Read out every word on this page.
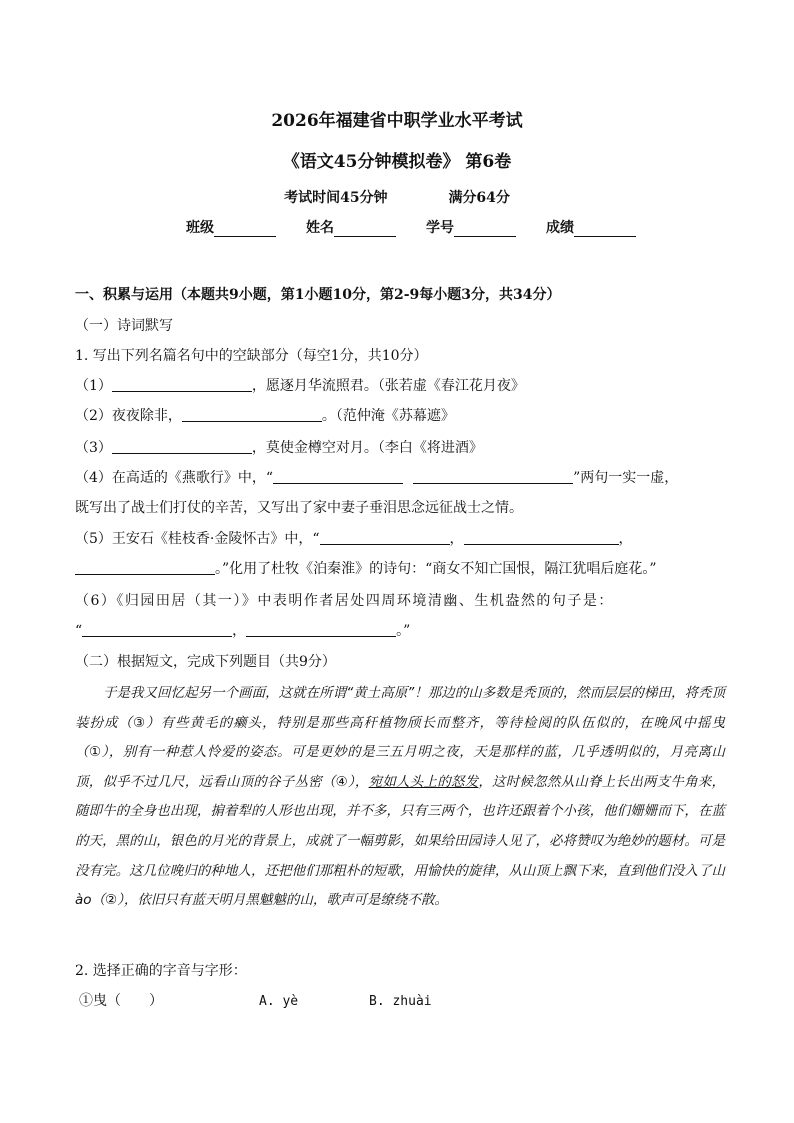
2026年福建省中职学业水平考试
《语文45分钟模拟卷》 第6卷
考试时间45分钟	满分64分
班级	姓名	学号	成绩
一、积累与运用（本题共9小题，第1小题10分，第2-9每小题3分，共34分）
（一）诗词默写
1. 写出下列名篇名句中的空缺部分（每空1分，共10分）
（1）	，愿逐月华流照君。（张若虚《春江花月夜》
（2）夜夜除非，	。（范仲淹《苏幕遮》
（3）	，莫使金樽空对月。（李白《将进酒》
（4）在高适的《燕歌行》中，“	”两句一实一虚，
既写出了战士们打仗的辛苦，又写出了家中妻子垂泪思念远征战士之情。
（5）王安石《桂枝香·金陵怀古》中，“	，	，
。”化用了杜牧《泊秦淮》的诗句：“商女不知亡国恨，隔江犹唱后庭花。”
（6）《归园田居（其一）》中表明作者居处四周环境清幽、生机盎然的句子是：
“	，	。”
（二）根据短文，完成下列题目（共9分）
于是我又回忆起另一个画面，这就在所谓“黄土高原”！那边的山多数是秃顶的，然而层层的梯田，将秃顶装扮成（③）有些黄毛的癞头，特别是那些高秆植物颀长而整齐，等待检阅的队伍似的，在晚风中摇曳（①），别有一种惹人怜爱的姿态。可是更妙的是三五月明之夜，天是那样的蓝，几乎透明似的，月亮离山顶，似乎不过几尺，远看山顶的谷子丛密（④），宛如人头上的怒发，这时候忽然从山脊上长出两支牛角来，随即牛的全身也出现，掮着犁的人形也出现，并不多，只有三两个，也许还跟着个小孩，他们姗姗而下，在蓝的天，黑的山，银色的月光的背景上，成就了一幅剪影，如果给田园诗人见了，必将赞叹为绝妙的题材。可是没有完。这几位晚归的种地人，还把他们那粗朴的短歌，用愉快的旋律，从山顶上飘下来，直到他们没入了山ào（②），依旧只有蓝天明月黑魆魆的山，歌声可是缭绕不散。
2. 选择正确的字音与字形：
①曳（　　）	A. yè	B. zhuài
